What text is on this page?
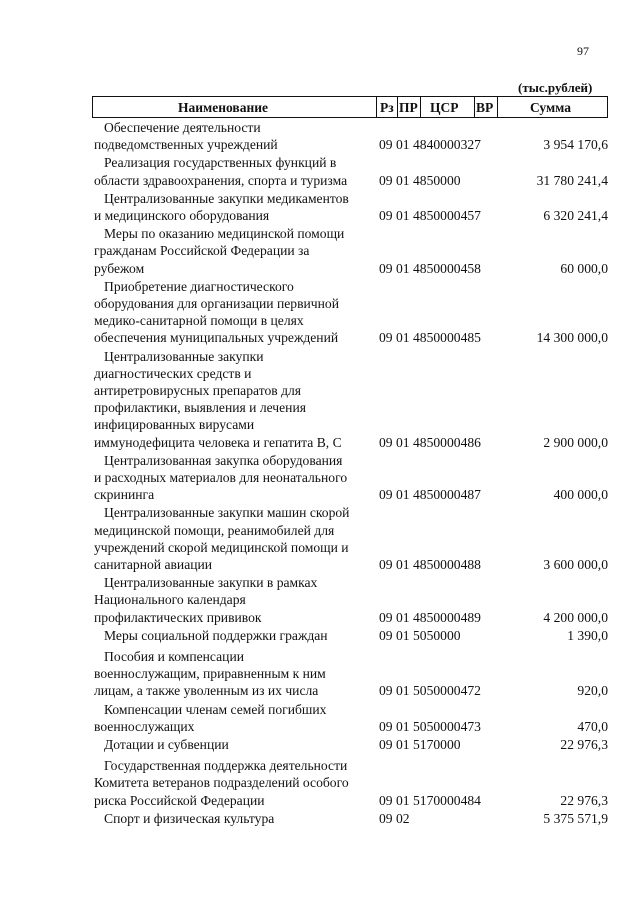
97
(тыс.рублей)
Наименование	Рз ПР ЦСР ВР	Сумма
Обеспечение деятельности
подведомственных учреждений	09 01 4840000327	3 954 170,6
Реализация государственных функций в
области здравоохранения, спорта и туризма	09 01 4850000	31 780 241,4
Централизованные закупки медикаментов
и медицинского оборудования	09 01 4850000457	6 320 241,4
Меры по оказанию медицинской помощи
гражданам Российской Федерации за
рубежом	09 01 4850000458	60 000,0
Приобретение диагностического
оборудования для организации первичной
медико-санитарной помощи в целях
обеспечения муниципальных учреждений	09 01 4850000485	14 300 000,0
Централизованные закупки
диагностических средств и
антиретровирусных препаратов для
профилактики, выявления и лечения
инфицированных вирусами
иммунодефицита человека и гепатита В, С	09 01 4850000486	2 900 000,0
Централизованная закупка оборудования
и расходных материалов для неонатального
скрининга	09 01 4850000487	400 000,0
Централизованные закупки машин скорой
медицинской помощи, реанимобилей для
учреждений скорой медицинской помощи и
санитарной авиации	09 01 4850000488	3 600 000,0
Централизованные закупки в рамках
Национального календаря
профилактических прививок	09 01 4850000489	4 200 000,0
Меры социальной поддержки граждан	09 01 5050000	1 390,0
Пособия и компенсации
военнослужащим, приравненным к ним
лицам, а также уволенным из их числа	09 01 5050000472	920,0
Компенсации членам семей погибших
военнослужащих	09 01 5050000473	470,0
Дотации и субвенции	09 01 5170000	22 976,3
Государственная поддержка деятельности
Комитета ветеранов подразделений особого
риска Российской Федерации	09 01 5170000484	22 976,3
Спорт и физическая культура	09 02	5 375 571,9
